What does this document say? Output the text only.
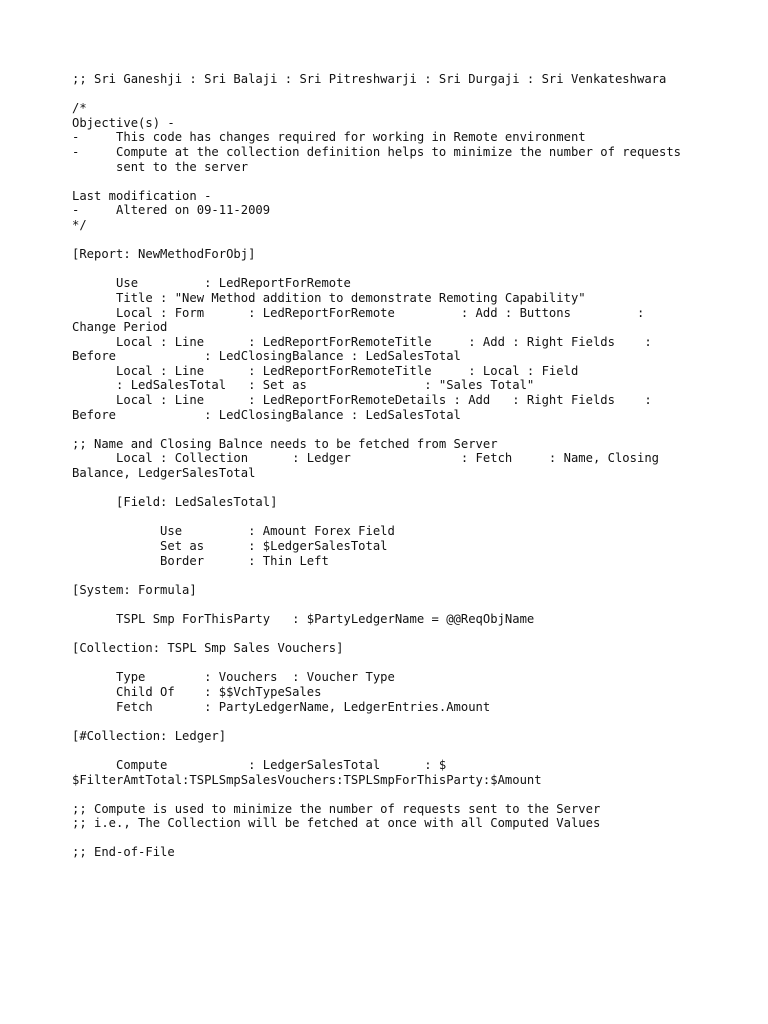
;; Sri Ganeshji : Sri Balaji : Sri Pitreshwarji : Sri Durgaji : Sri Venkateshwara
/*
Objective(s) -
-     This code has changes required for working in Remote environment
-     Compute at the collection definition helps to minimize the number of requests
sent to the server
Last modification -
-     Altered on 09-11-2009
*/
[Report: NewMethodForObj]
Use         : LedReportForRemote
Title : "New Method addition to demonstrate Remoting Capability"
Local : Form      : LedReportForRemote         : Add : Buttons         :
Change Period
Local : Line      : LedReportForRemoteTitle     : Add : Right Fields    :
Before            : LedClosingBalance : LedSalesTotal
Local : Line      : LedReportForRemoteTitle     : Local : Field
: LedSalesTotal   : Set as                : "Sales Total"
Local : Line      : LedReportForRemoteDetails : Add   : Right Fields    :
Before            : LedClosingBalance : LedSalesTotal
;; Name and Closing Balnce needs to be fetched from Server
Local : Collection      : Ledger               : Fetch     : Name, Closing
Balance, LedgerSalesTotal
[Field: LedSalesTotal]
Use         : Amount Forex Field
Set as      : $LedgerSalesTotal
Border      : Thin Left
[System: Formula]
TSPL Smp ForThisParty   : $PartyLedgerName = @@ReqObjName
[Collection: TSPL Smp Sales Vouchers]
Type        : Vouchers  : Voucher Type
Child Of    : $$VchTypeSales
Fetch       : PartyLedgerName, LedgerEntries.Amount
[#Collection: Ledger]
Compute           : LedgerSalesTotal      : $
$FilterAmtTotal:TSPLSmpSalesVouchers:TSPLSmpForThisParty:$Amount
;; Compute is used to minimize the number of requests sent to the Server
;; i.e., The Collection will be fetched at once with all Computed Values
;; End-of-File
